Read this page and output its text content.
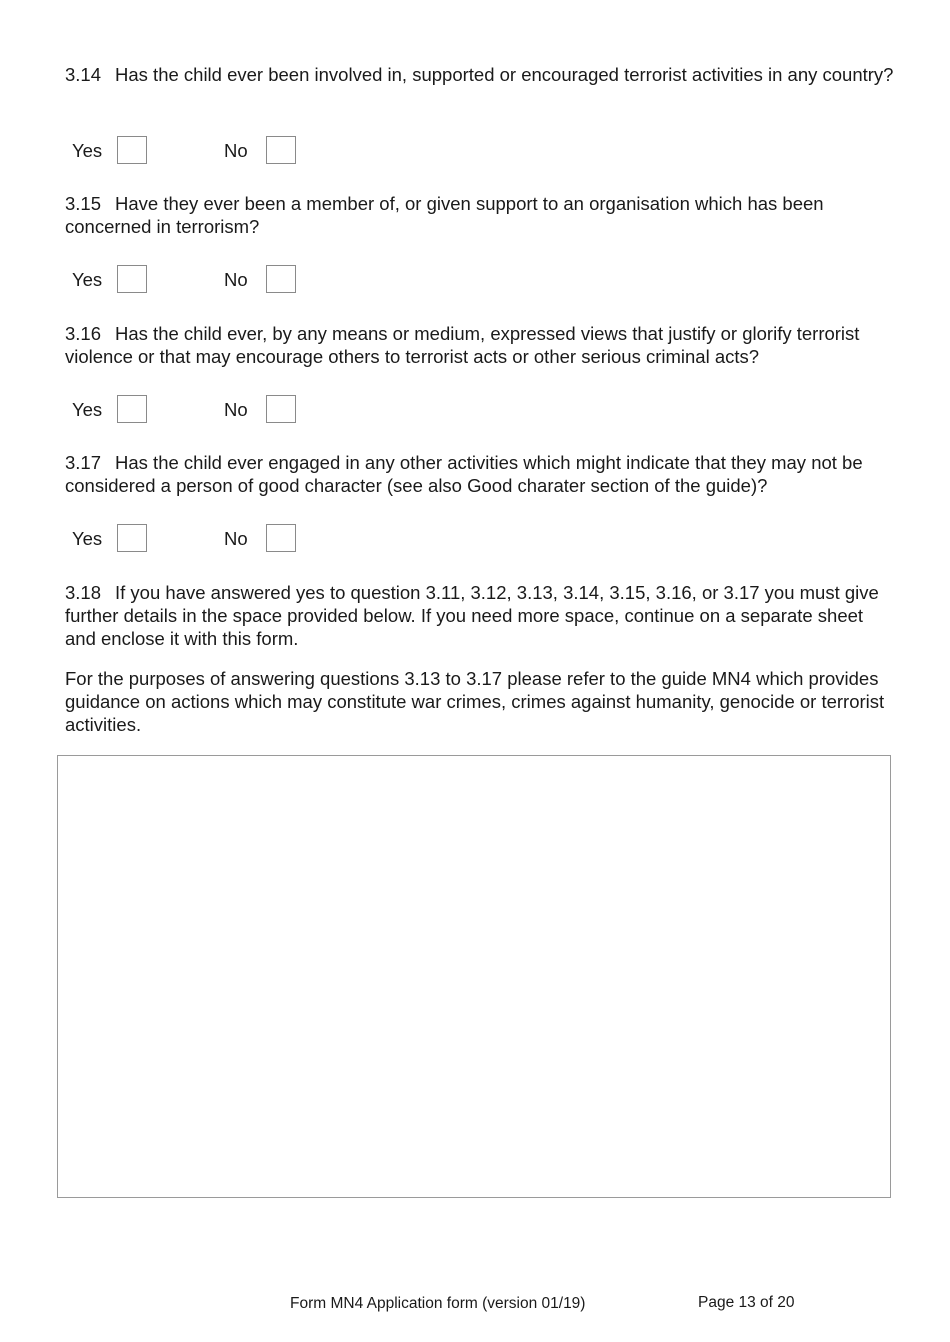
3.14 Has the child ever been involved in, supported or encouraged terrorist activities in any country?
Yes	No
3.15 Have they ever been a member of, or given support to an organisation which has been concerned in terrorism?
Yes	No
3.16 Has the child ever, by any means or medium, expressed views that justify or glorify terrorist violence or that may encourage others to terrorist acts or other serious criminal acts?
Yes	No
3.17 Has the child ever engaged in any other activities which might indicate that they may not be considered a person of good character (see also Good charater section of the guide)?
Yes	No
3.18 If you have answered yes to question 3.11, 3.12, 3.13, 3.14, 3.15, 3.16, or 3.17 you must give further details in the space provided below. If you need more space, continue on a separate sheet and enclose it with this form.
For the purposes of answering questions 3.13 to 3.17 please refer to the guide MN4 which provides guidance on actions which may constitute war crimes, crimes against humanity, genocide or terrorist activities.
Form MN4 Application form (version 01/19)	Page 13 of 20
